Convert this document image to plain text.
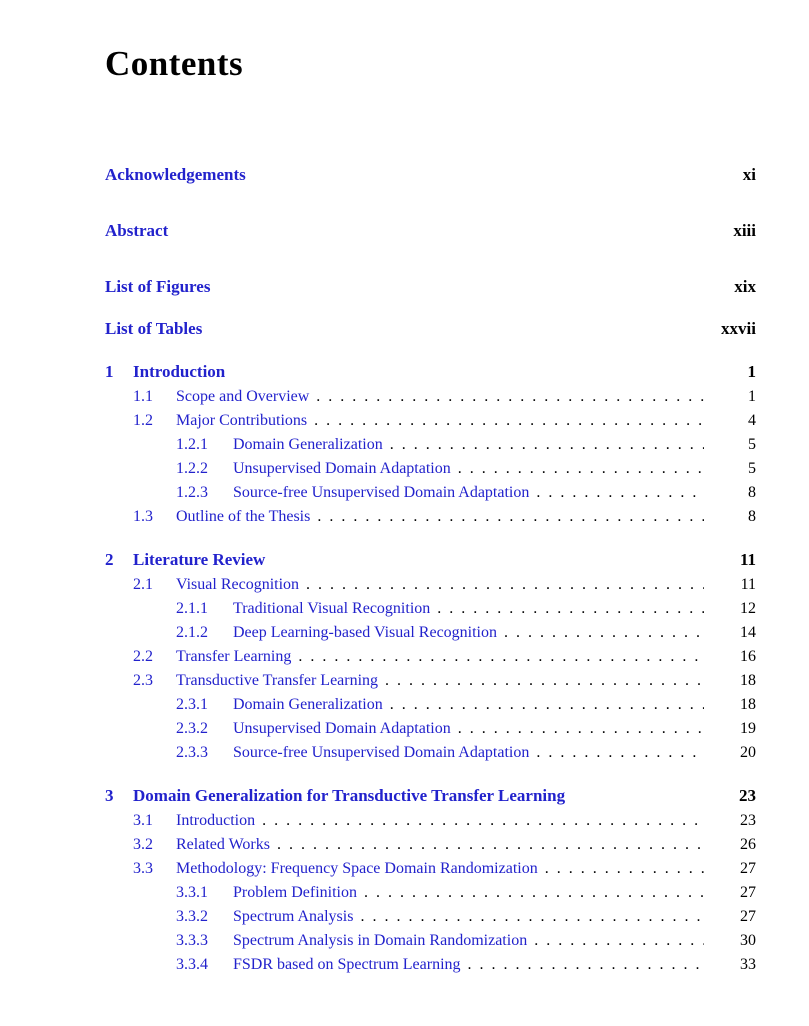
Contents
Acknowledgements	xi
Abstract	xiii
List of Figures	xix
List of Tables	xxvii
1	Introduction	1
1.1	Scope and Overview .....	1
1.2	Major Contributions .....	4
1.2.1	Domain Generalization .....	5
1.2.2	Unsupervised Domain Adaptation .....	5
1.2.3	Source-free Unsupervised Domain Adaptation .....	8
1.3	Outline of the Thesis .....	8
2	Literature Review	11
2.1	Visual Recognition .....	11
2.1.1	Traditional Visual Recognition .....	12
2.1.2	Deep Learning-based Visual Recognition .....	14
2.2	Transfer Learning .....	16
2.3	Transductive Transfer Learning .....	18
2.3.1	Domain Generalization .....	18
2.3.2	Unsupervised Domain Adaptation .....	19
2.3.3	Source-free Unsupervised Domain Adaptation .....	20
3	Domain Generalization for Transductive Transfer Learning	23
3.1	Introduction .....	23
3.2	Related Works .....	26
3.3	Methodology: Frequency Space Domain Randomization .....	27
3.3.1	Problem Definition .....	27
3.3.2	Spectrum Analysis .....	27
3.3.3	Spectrum Analysis in Domain Randomization .....	30
3.3.4	FSDR based on Spectrum Learning .....	33
